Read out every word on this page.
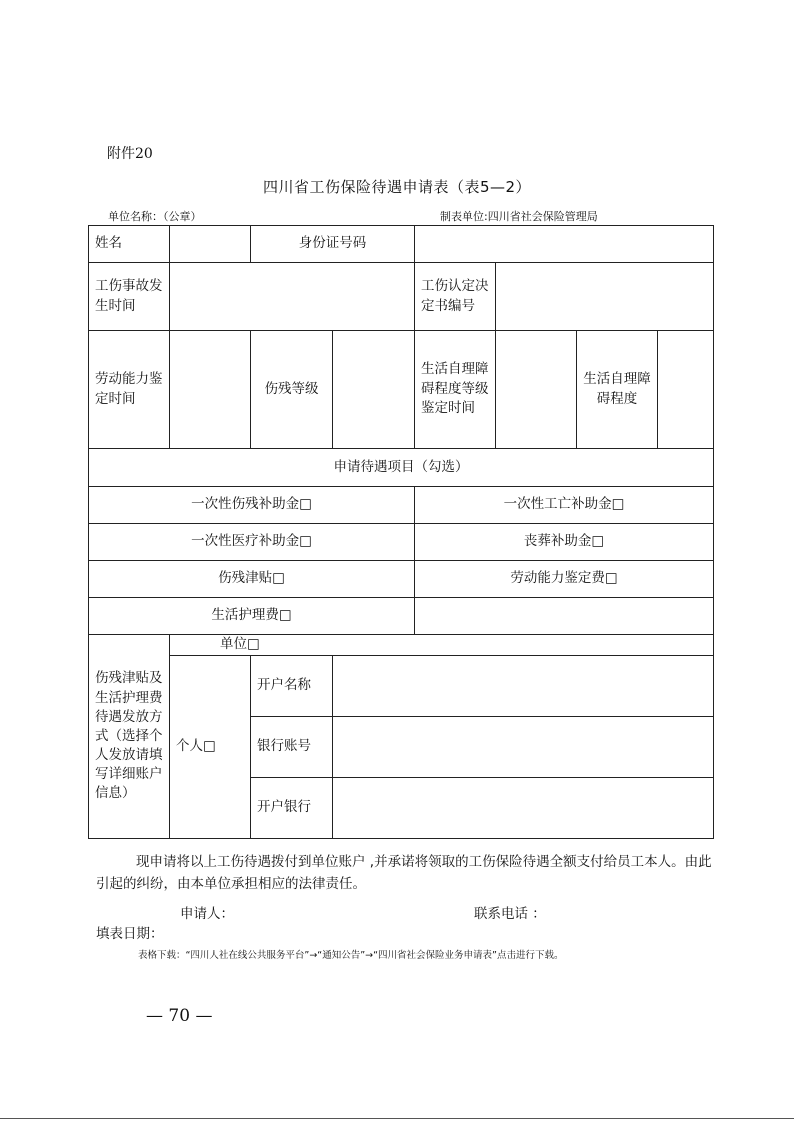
附件20
四川省工伤保险待遇申请表（表5—2）
单位名称：（公章）	制表单位:四川省社会保险管理局
姓名		身份证号码					
工伤事故发生时间				工伤认定决定书编号			
劳动能力鉴定时间		伤残等级		生活自理障碍程度等级鉴定时间		生活自理障碍程度	
申请待遇项目（勾选）							
一次性伤残补助金□				一次性工亡补助金□			
一次性医疗补助金□				丧葬补助金□			
伤残津贴□				劳动能力鉴定费□			
生活护理费□							
伤残津贴及生活护理费待遇发放方式（选择个人发放请填写详细账户信息）	单位□						
	个人□	开户名称					
		银行账号					
		开户银行					
现申请将以上工伤待遇拨付到单位账户 ,并承诺将领取的工伤保险待遇全额支付给员工本人。由此引起的纠纷，由本单位承担相应的法律责任。
申请人：	联系电话 ：
填表日期：
表格下载：“四川人社在线公共服务平台”→“通知公告”→“四川省社会保险业务申请表”点击进行下载。
— 70 —
